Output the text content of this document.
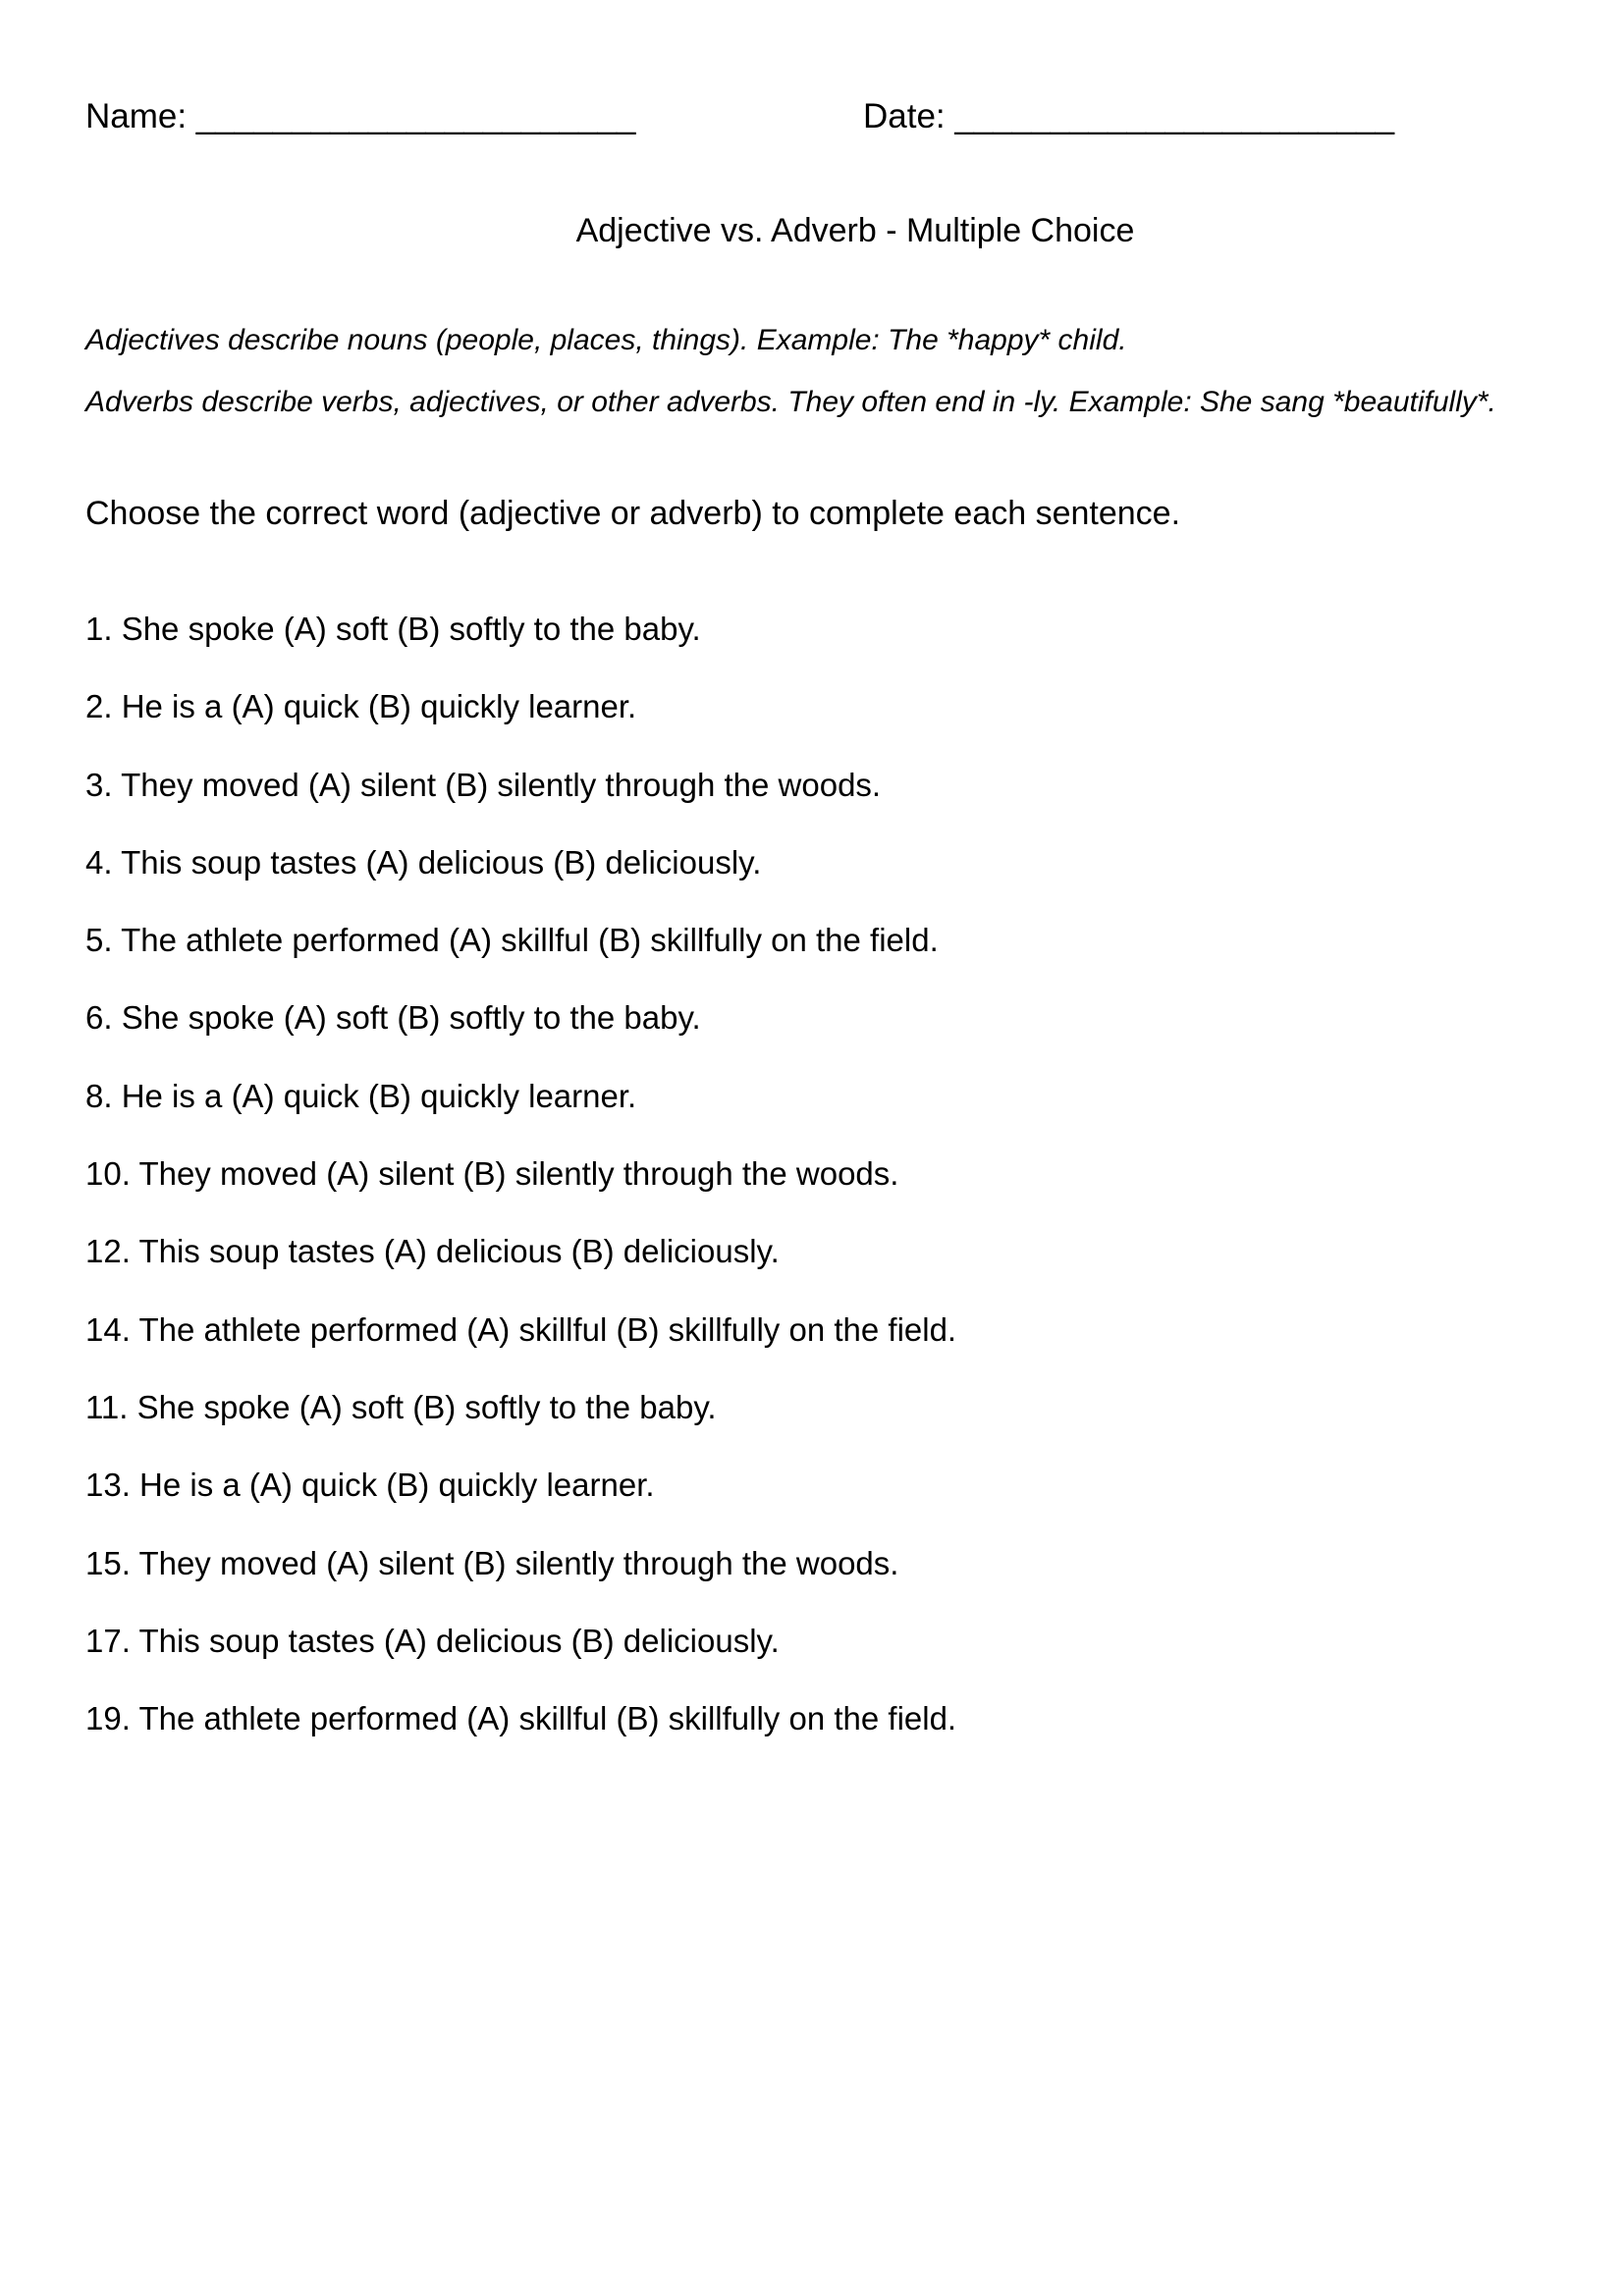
Name: _______________________	Date: _______________________
Adjective vs. Adverb - Multiple Choice
Adjectives describe nouns (people, places, things). Example: The *happy* child.
Adverbs describe verbs, adjectives, or other adverbs. They often end in -ly. Example: She sang *beautifully*.
Choose the correct word (adjective or adverb) to complete each sentence.
1. She spoke (A) soft (B) softly to the baby.
2. He is a (A) quick (B) quickly learner.
3. They moved (A) silent (B) silently through the woods.
4. This soup tastes (A) delicious (B) deliciously.
5. The athlete performed (A) skillful (B) skillfully on the field.
6. She spoke (A) soft (B) softly to the baby.
8. He is a (A) quick (B) quickly learner.
10. They moved (A) silent (B) silently through the woods.
12. This soup tastes (A) delicious (B) deliciously.
14. The athlete performed (A) skillful (B) skillfully on the field.
11. She spoke (A) soft (B) softly to the baby.
13. He is a (A) quick (B) quickly learner.
15. They moved (A) silent (B) silently through the woods.
17. This soup tastes (A) delicious (B) deliciously.
19. The athlete performed (A) skillful (B) skillfully on the field.
